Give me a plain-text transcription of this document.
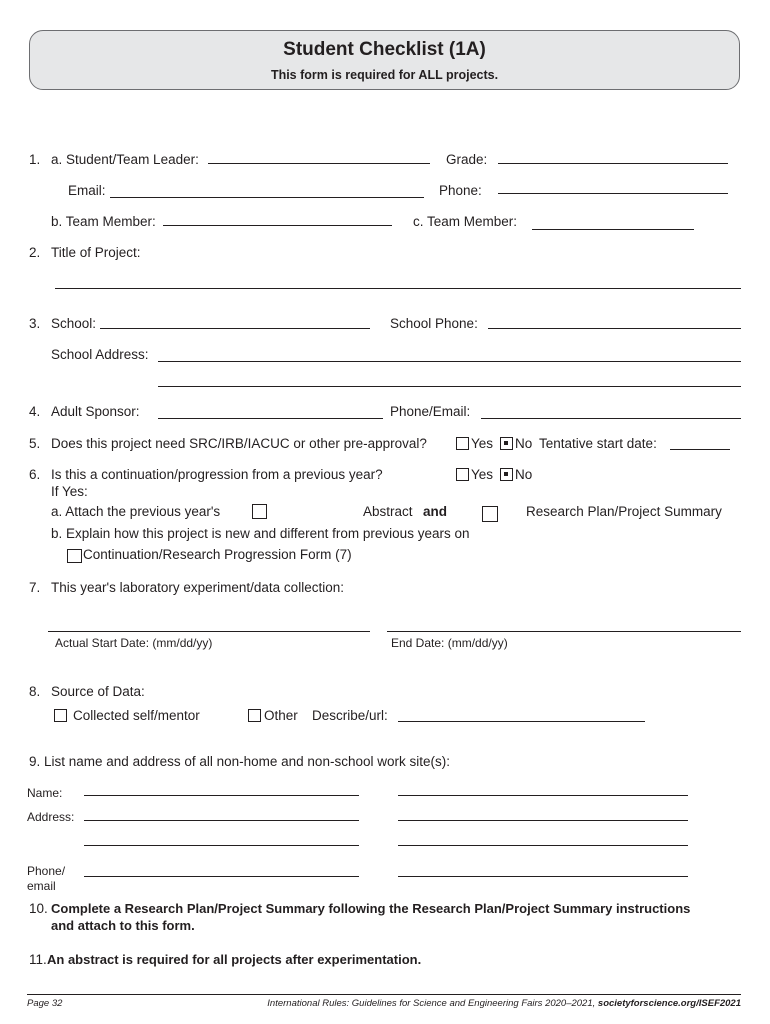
Student Checklist (1A)
This form is required for ALL projects.
1. a. Student/Team Leader:	Grade:
Email:	Phone:
b. Team Member:	c. Team Member:
2. Title of Project:
3. School:	School Phone:
School Address:
4. Adult Sponsor:	Phone/Email:
5. Does this project need SRC/IRB/IACUC or other pre-approval?	Yes No Tentative start date:
6. Is this a continuation/progression from a previous year?	Yes No
If Yes:
a. Attach the previous year's	Abstract and	Research Plan/Project Summary
b. Explain how this project is new and different from previous years on
Continuation/Research Progression Form (7)
7. This year's laboratory experiment/data collection:
Actual Start Date: (mm/dd/yy)	End Date: (mm/dd/yy)
8. Source of Data:
Collected self/mentor	Other Describe/url:
9. List name and address of all non-home and non-school work site(s):
Name:
Address:
Phone/
email
10. Complete a Research Plan/Project Summary following the Research Plan/Project Summary instructions
and attach to this form.
11. An abstract is required for all projects after experimentation.
Page 32	International Rules: Guidelines for Science and Engineering Fairs 2020–2021, societyforscience.org/ISEF2021
